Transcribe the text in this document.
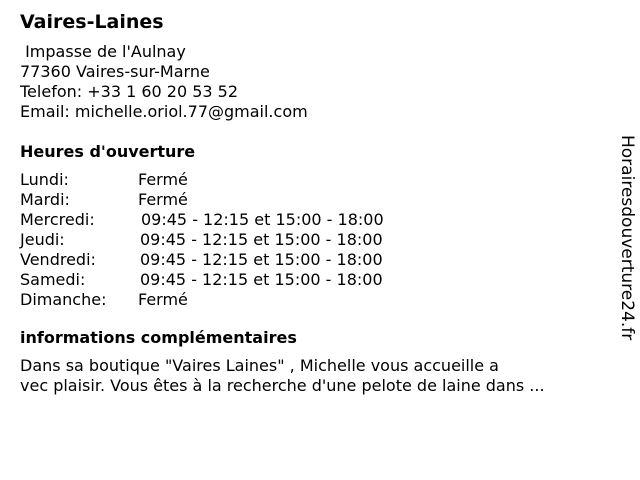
Vaires-Laines
Impasse de l'Aulnay
77360 Vaires-sur-Marne
Telefon: +33 1 60 20 53 52
Email: michelle.oriol.77@gmail.com
Heures d'ouverture
Lundi:	Fermé
Mardi:	Fermé
Mercredi:	09:45 - 12:15 et 15:00 - 18:00
Jeudi:	09:45 - 12:15 et 15:00 - 18:00
Vendredi:	09:45 - 12:15 et 15:00 - 18:00
Samedi:	09:45 - 12:15 et 15:00 - 18:00
Dimanche:	Fermé
informations complémentaires
Dans sa boutique "Vaires Laines" , Michelle vous accueille a
vec plaisir. Vous êtes à la recherche d'une pelote de laine dans ...
Horairesdouverture24.fr
